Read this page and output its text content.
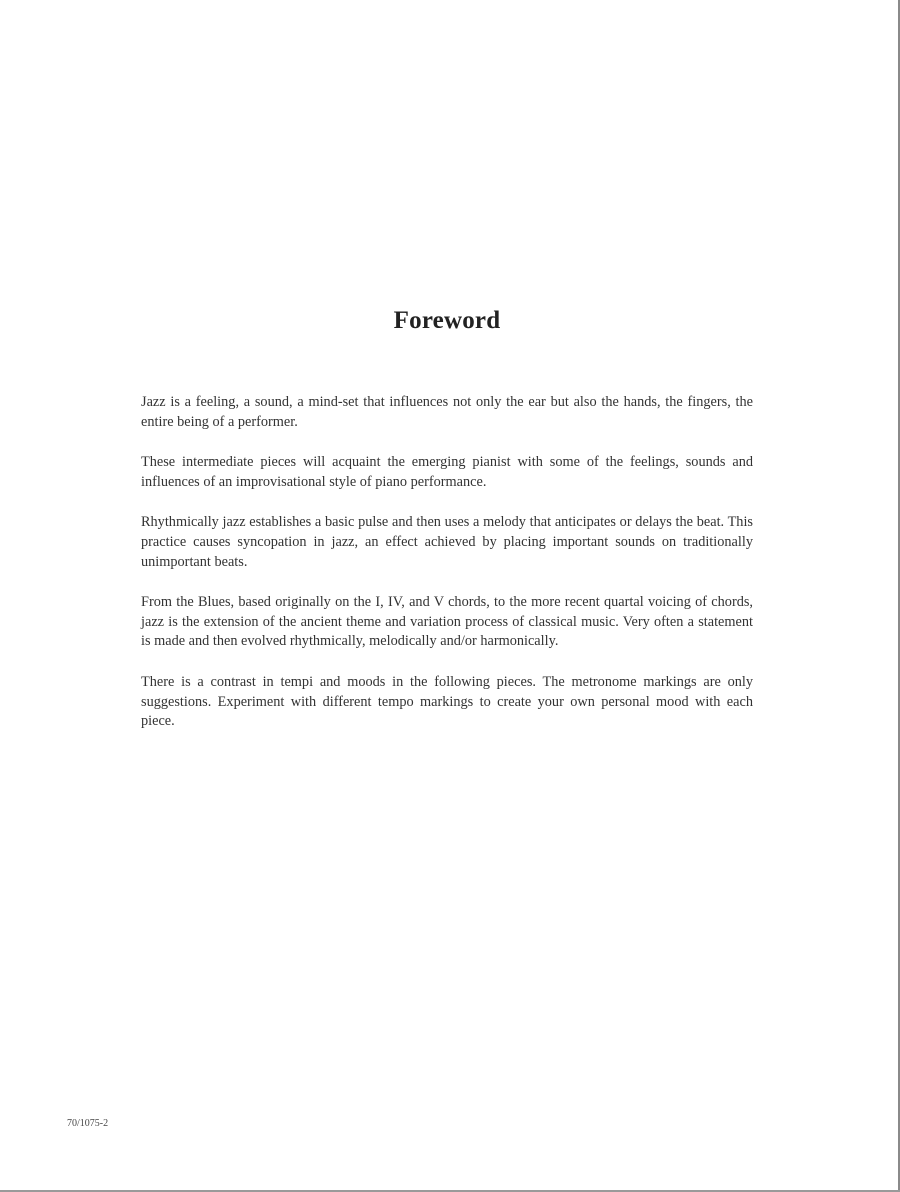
Foreword

Jazz is a feeling, a sound, a mind-set that influences not only the ear but also the hands, the fingers, the entire being of a performer.

These intermediate pieces will acquaint the emerging pianist with some of the feelings, sounds and influences of an improvisational style of piano performance.

Rhythmically jazz establishes a basic pulse and then uses a melody that anticipates or delays the beat. This practice causes syncopation in jazz, an effect achieved by placing important sounds on traditionally unimportant beats.

From the Blues, based originally on the I, IV, and V chords, to the more recent quartal voicing of chords, jazz is the extension of the ancient theme and variation process of classical music. Very often a statement is made and then evolved rhythmically, melodically and/or harmonically.

There is a contrast in tempi and moods in the following pieces. The metronome markings are only suggestions. Experiment with different tempo markings to create your own personal mood with each piece.

70/1075-2
